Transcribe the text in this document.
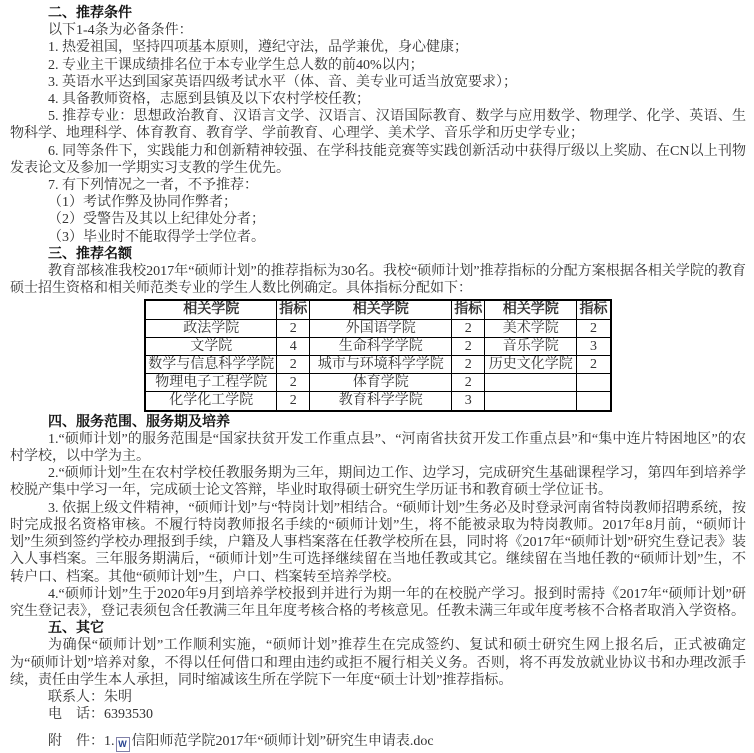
二、推荐条件

以下1-4条为必备条件：

1. 热爱祖国，坚持四项基本原则，遵纪守法，品学兼优，身心健康；

2. 专业主干课成绩排名位于本专业学生总人数的前40%以内；

3. 英语水平达到国家英语四级考试水平（体、音、美专业可适当放宽要求）；

4. 具备教师资格，志愿到县镇及以下农村学校任教；

5. 推荐专业：思想政治教育、汉语言文学、汉语言、汉语国际教育、数学与应用数学、物理学、化学、英语、生物科学、地理科学、体育教育、教育学、学前教育、心理学、美术学、音乐学和历史学专业；

6. 同等条件下，实践能力和创新精神较强、在学科技能竞赛等实践创新活动中获得厅级以上奖励、在CN以上刊物发表论文及参加一学期实习支教的学生优先。

7. 有下列情况之一者，不予推荐：

（1）考试作弊及协同作弊者；

（2）受警告及其以上纪律处分者；

（3）毕业时不能取得学士学位者。

三、推荐名额

教育部核准我校2017年“硕师计划”的推荐指标为30名。我校“硕师计划”推荐指标的分配方案根据各相关学院的教育硕士招生资格和相关师范类专业的学生人数比例确定。具体指标分配如下：

相关学院	指标	相关学院	指标	相关学院	指标
政法学院	2	外国语学院	2	美术学院	2
文学院	4	生命科学学院	2	音乐学院	3
数学与信息科学学院	2	城市与环境科学学院	2	历史文化学院	2
物理电子工程学院	2	体育学院	2		
化学化工学院	2	教育科学学院	3		

四、服务范围、服务期及培养

1.“硕师计划”的服务范围是“国家扶贫开发工作重点县”、“河南省扶贫开发工作重点县”和“集中连片特困地区”的农村学校，以中学为主。

2.“硕师计划”生在农村学校任教服务期为三年，期间边工作、边学习，完成研究生基础课程学习，第四年到培养学校脱产集中学习一年，完成硕士论文答辩，毕业时取得硕士研究生学历证书和教育硕士学位证书。

3. 依据上级文件精神，“硕师计划”与“特岗计划”相结合。“硕师计划”生务必及时登录河南省特岗教师招聘系统，按时完成报名资格审核。不履行特岗教师报名手续的“硕师计划”生，将不能被录取为特岗教师。2017年8月前，“硕师计划”生须到签约学校办理报到手续，户籍及人事档案落在任教学校所在县，同时将《2017年“硕师计划”研究生登记表》装入人事档案。三年服务期满后，“硕师计划”生可选择继续留在当地任教或其它。继续留在当地任教的“硕师计划”生，不转户口、档案。其他“硕师计划”生，户口、档案转至培养学校。

4.“硕师计划”生于2020年9月到培养学校报到并进行为期一年的在校脱产学习。报到时需持《2017年“硕师计划”研究生登记表》，登记表须包含任教满三年且年度考核合格的考核意见。任教未满三年或年度考核不合格者取消入学资格。

五、其它

为确保“硕师计划”工作顺利实施，“硕师计划”推荐生在完成签约、复试和硕士研究生网上报名后，正式被确定为“硕师计划”培养对象，不得以任何借口和理由违约或拒不履行相关义务。否则，将不再发放就业协议书和办理改派手续，责任由学生本人承担，同时缩减该生所在学院下一年度“硕士计划”推荐指标。

联系人：朱明

电　话：6393530

附　件：1. W 信阳师范学院2017年“硕师计划”研究生申请表.doc
